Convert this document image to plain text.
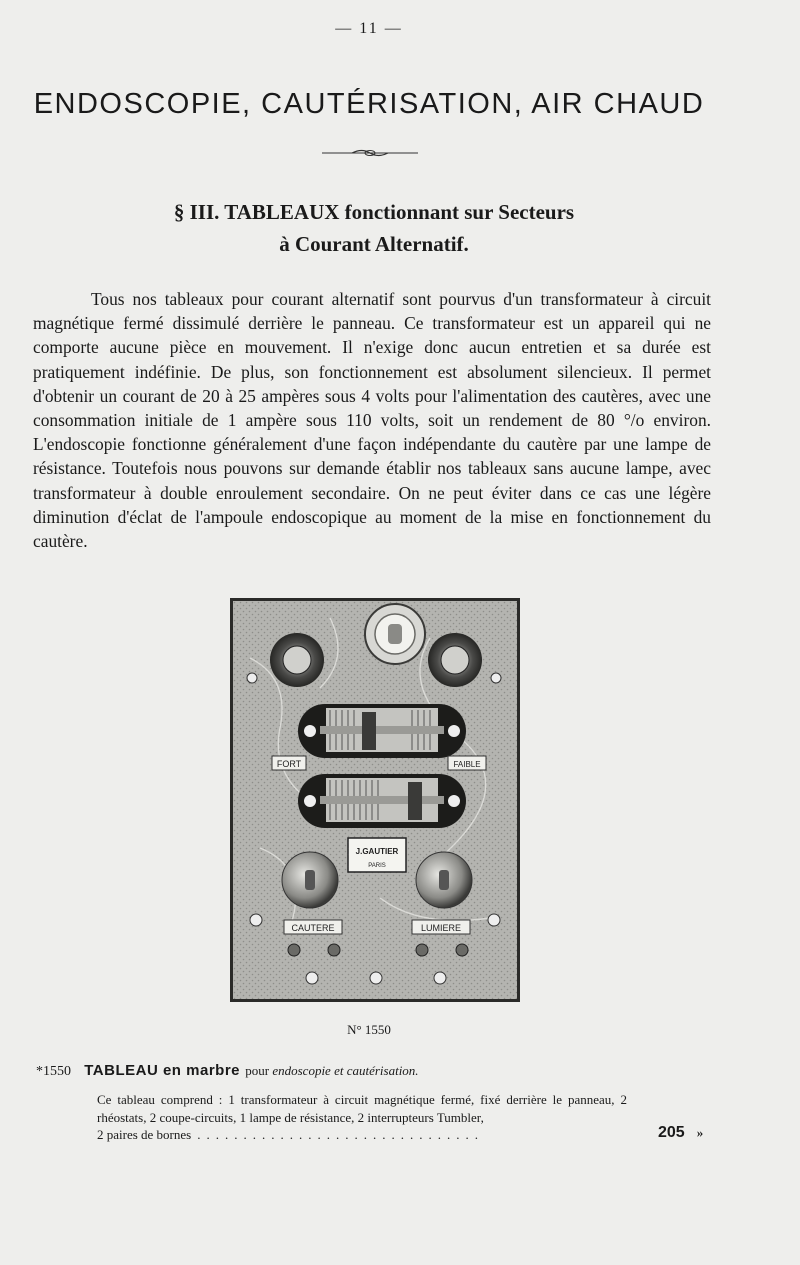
— 11 —
ENDOSCOPIE, CAUTÉRISATION, AIR CHAUD
§ III. TABLEAUX fonctionnant sur Secteurs
à Courant Alternatif.

Tous nos tableaux pour courant alternatif sont pourvus d'un transformateur à circuit magnétique fermé dissimulé derrière le panneau. Ce transformateur est un appareil qui ne comporte aucune pièce en mouvement. Il n'exige donc aucun entretien et sa durée est pratiquement indéfinie. De plus, son fonctionnement est absolument silencieux. Il permet d'obtenir un courant de 20 à 25 ampères sous 4 volts pour l'alimentation des cautères, avec une consommation initiale de 1 ampère sous 110 volts, soit un rendement de 80 °/o environ. L'endoscopie fonctionne généralement d'une façon indépendante du cautère par une lampe de résistance. Toutefois nous pouvons sur demande établir nos tableaux sans aucune lampe, avec transformateur à double enroulement secondaire. On ne peut éviter dans ce cas une légère diminution d'éclat de l'ampoule endoscopique au moment de la mise en fonctionnement du cautère.

FORT	FAIBLE
J.GAUTIER
PARIS
CAUTERE	LUMIERE
N° 1550
*1550 TABLEAU en marbre pour endoscopie et cautérisation.
Ce tableau comprend : 1 transformateur à circuit magnétique fermé, fixé derrière le panneau, 2 rhéostats, 2 coupe-circuits, 1 lampe de résistance, 2 interrupteurs Tumbler,
2 paires de bornes ...............................	205 »
